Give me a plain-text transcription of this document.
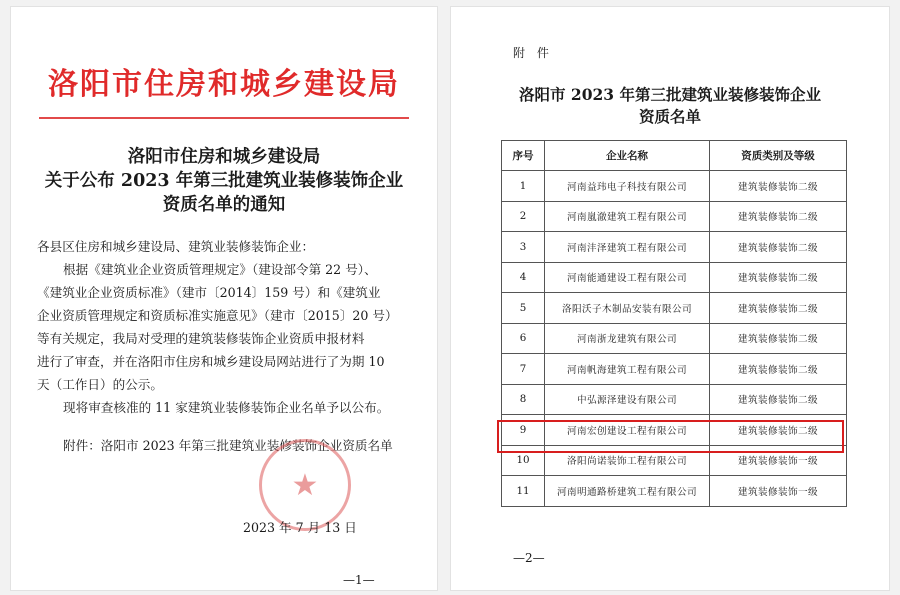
洛阳市住房和城乡建设局
洛阳市住房和城乡建设局
关于公布 2023 年第三批建筑业装修装饰企业
资质名单的通知
各县区住房和城乡建设局、建筑业装修装饰企业：
根据《建筑业企业资质管理规定》（建设部令第 22 号）、
《建筑业企业资质标准》（建市〔2014〕159 号）和《建筑业
企业资质管理规定和资质标准实施意见》（建市〔2015〕20 号）
等有关规定，我局对受理的建筑装修装饰企业资质申报材料
进行了审查，并在洛阳市住房和城乡建设局网站进行了为期 10
天（工作日）的公示。
现将审查核准的 11 家建筑业装修装饰企业名单予以公布。
附件：洛阳市 2023 年第三批建筑业装修装饰企业资质名单
★
2023 年 7 月 13 日
—1—
附 件
洛阳市 2023 年第三批建筑业装修装饰企业
资质名单
序号	企业名称	资质类别及等级
1	河南益玮电子科技有限公司	建筑装修装饰二级
2	河南嵐澈建筑工程有限公司	建筑装修装饰二级
3	河南沣泽建筑工程有限公司	建筑装修装饰二级
4	河南能通建设工程有限公司	建筑装修装饰二级
5	洛阳沃子木制品安装有限公司	建筑装修装饰二级
6	河南浙龙建筑有限公司	建筑装修装饰二级
7	河南帆海建筑工程有限公司	建筑装修装饰二级
8	中弘源泽建设有限公司	建筑装修装饰二级
9	河南宏创建设工程有限公司	建筑装修装饰二级
10	洛阳尚诺装饰工程有限公司	建筑装修装饰一级
11	河南明通路桥建筑工程有限公司	建筑装修装饰一级
—2—
